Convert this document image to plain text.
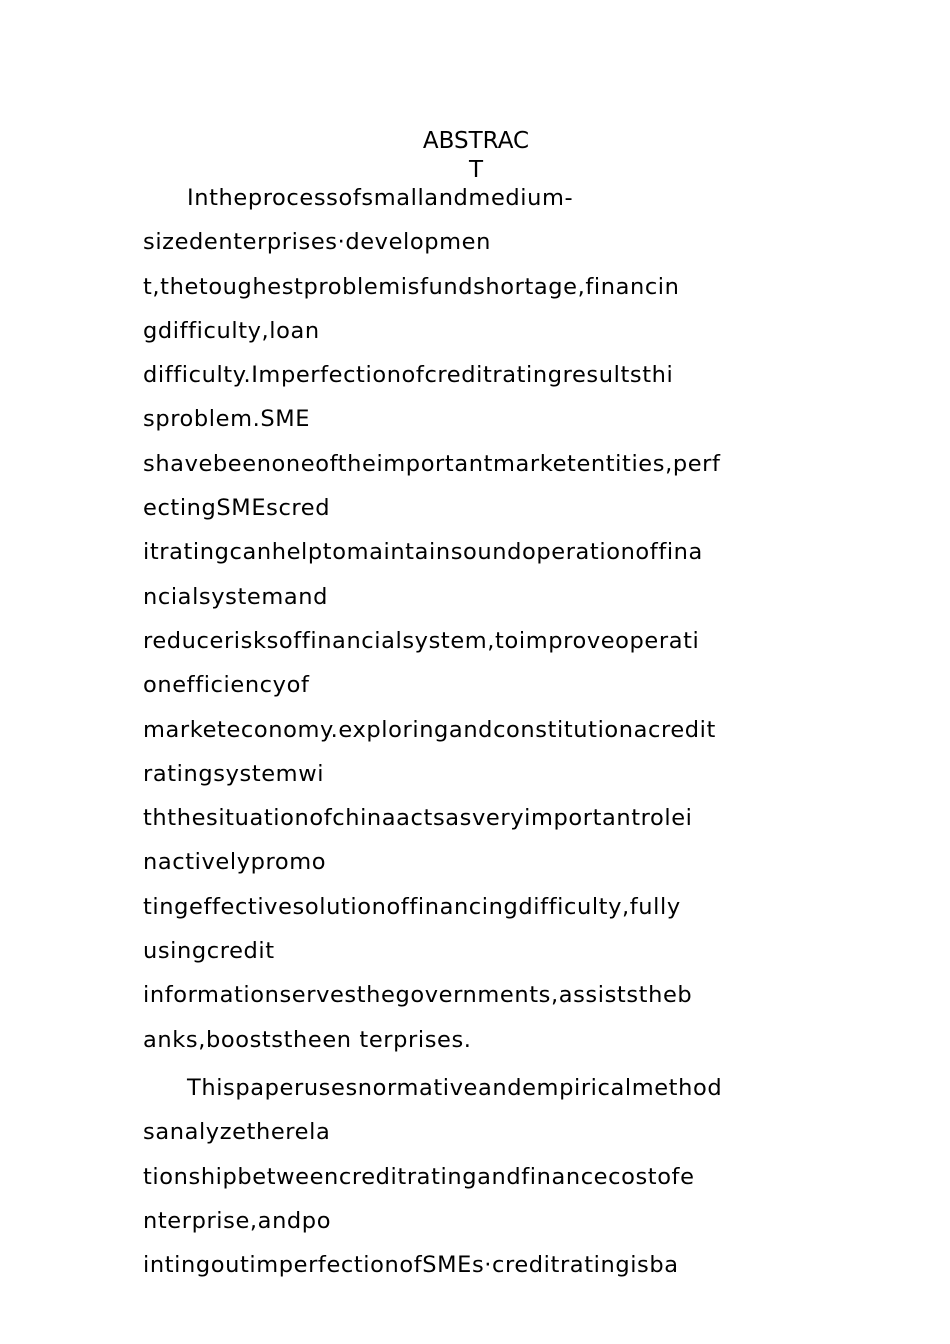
ABSTRAC
T
Intheprocessofsmallandmedium-
sizedenterprises·developmen
t,thetoughestproblemisfundshortage,financin
gdifficulty,loan
difficulty.Imperfectionofcreditratingresultsthi
sproblem.SME
shavebeenoneoftheimportantmarketentities,perf
ectingSMEscred
itratingcanhelptomaintainsoundoperationoffina
ncialsystemand
reducerisksoffinancialsystem,toimproveoperati
onefficiencyof
marketeconomy.exploringandconstitutionacredit
ratingsystemwi
ththesituationofchinaactsasveryimportantrolei
nactivelypromo
tingeffectivesolutionoffinancingdifficulty,fully
usingcredit
informationservesthegovernments,assiststheb
anks,booststheen terprises.
Thispaperusesnormativeandempiricalmethod
sanalyzetherela
tionshipbetweencreditratingandfinancecostofe
nterprise,andpo
intingoutimperfectionofSMEs·creditratingisba
